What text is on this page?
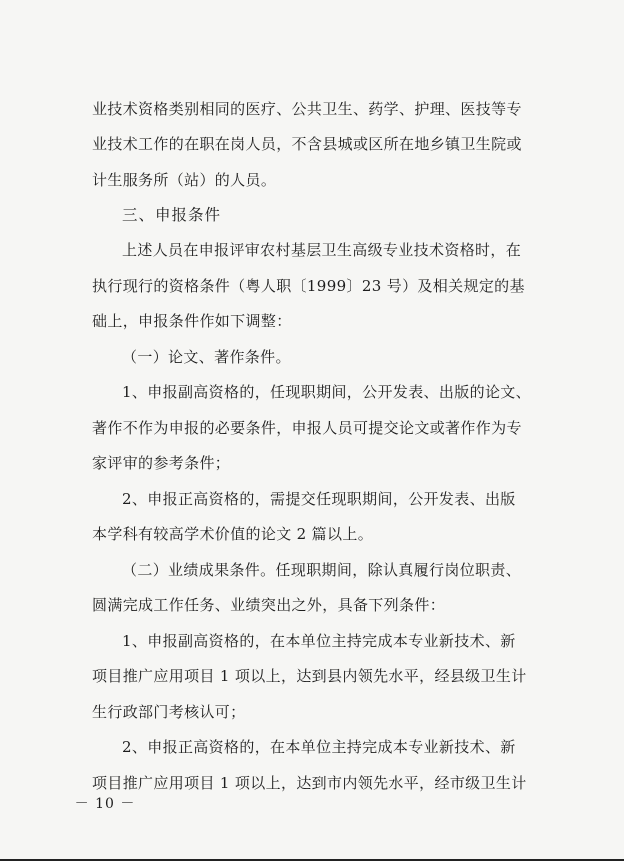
业技术资格类别相同的医疗、公共卫生、药学、护理、医技等专
业技术工作的在职在岗人员，不含县城或区所在地乡镇卫生院或
计生服务所（站）的人员。
三、申报条件
上述人员在申报评审农村基层卫生高级专业技术资格时，在
执行现行的资格条件（粤人职〔1999〕23 号）及相关规定的基
础上，申报条件作如下调整：
（一）论文、著作条件。
1、申报副高资格的，任现职期间，公开发表、出版的论文、
著作不作为申报的必要条件，申报人员可提交论文或著作作为专
家评审的参考条件；
2、申报正高资格的，需提交任现职期间，公开发表、出版
本学科有较高学术价值的论文 2 篇以上。
（二）业绩成果条件。任现职期间，除认真履行岗位职责、
圆满完成工作任务、业绩突出之外，具备下列条件：
1、申报副高资格的，在本单位主持完成本专业新技术、新
项目推广应用项目 1 项以上，达到县内领先水平，经县级卫生计
生行政部门考核认可；
2、申报正高资格的，在本单位主持完成本专业新技术、新
项目推广应用项目 1 项以上，达到市内领先水平，经市级卫生计
－ 10 －
